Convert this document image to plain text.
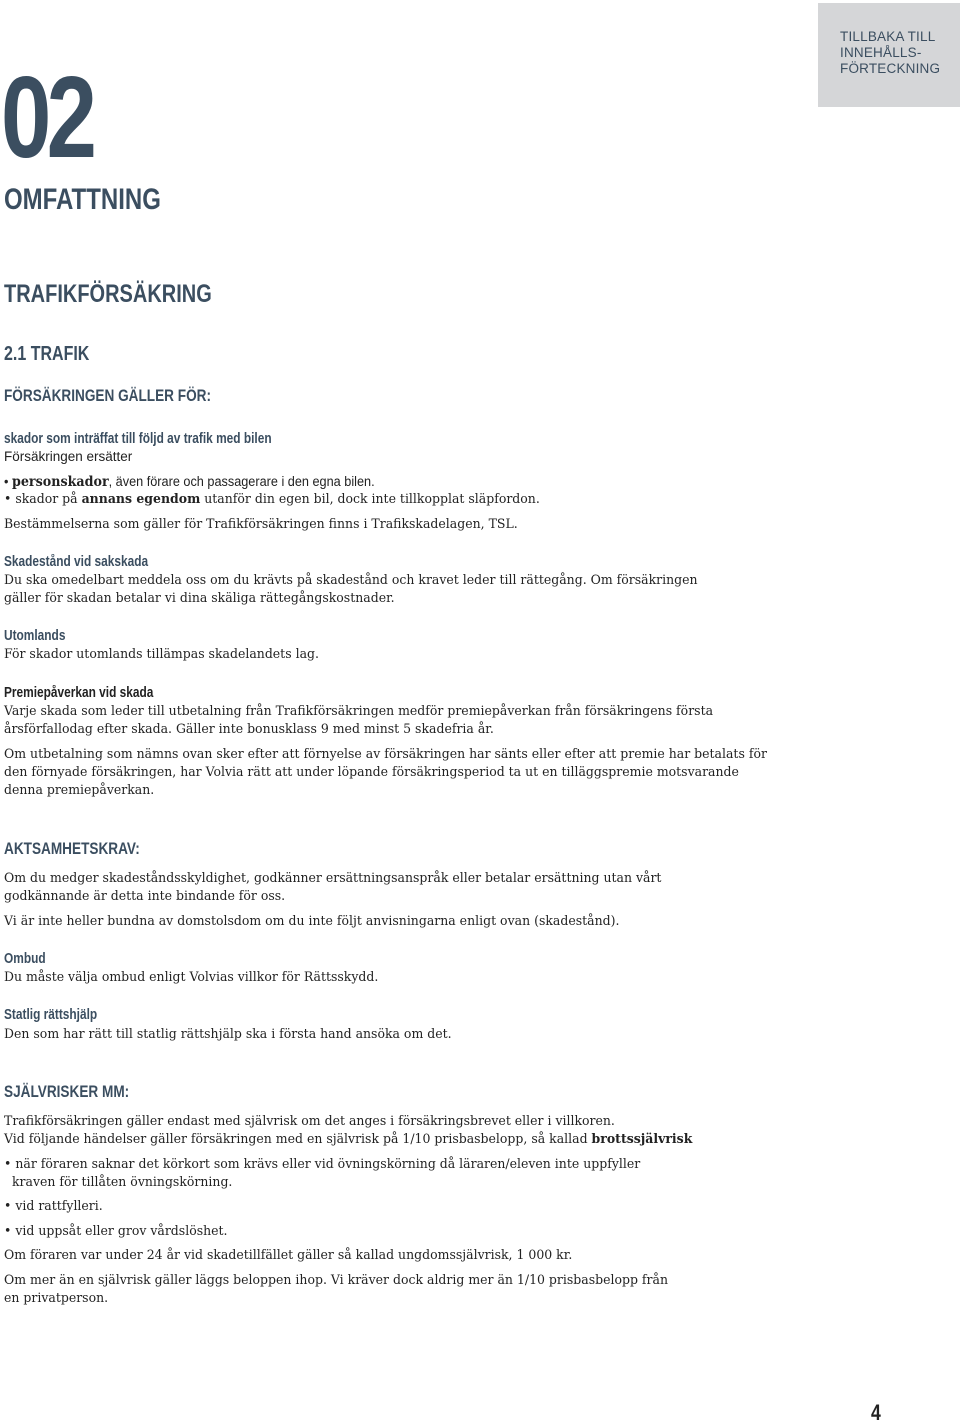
TILLBAKA TILL
INNEHÅLLS-
FÖRTECKNING
02
OMFATTNING
TRAFIKFÖRSÄKRING
2.1 TRAFIK
FÖRSÄKRINGEN GÄLLER FÖR:
skador som inträffat till följd av trafik med bilen
Försäkringen ersätter
• personskador, även förare och passagerare i den egna bilen.
• skador på annans egendom utanför din egen bil, dock inte tillkopplat släpfordon.
Bestämmelserna som gäller för Trafikförsäkringen finns i Trafikskadelagen, TSL.
Skadestånd vid sakskada
Du ska omedelbart meddela oss om du krävts på skadestånd och kravet leder till rättegång. Om försäkringen
gäller för skadan betalar vi dina skäliga rättegångskostnader.
Utomlands
För skador utomlands tillämpas skadelandets lag.
Premiepåverkan vid skada
Varje skada som leder till utbetalning från Trafikförsäkringen medför premiepåverkan från försäkringens första
årsförfallodag efter skada. Gäller inte bonusklass 9 med minst 5 skadefria år.
Om utbetalning som nämns ovan sker efter att förnyelse av försäkringen har sänts eller efter att premie har betalats för
den förnyade försäkringen, har Volvia rätt att under löpande försäkringsperiod ta ut en tilläggspremie motsvarande
denna premiepåverkan.
AKTSAMHETSKRAV:
Om du medger skadeståndsskyldighet, godkänner ersättningsanspråk eller betalar ersättning utan vårt
godkännande är detta inte bindande för oss.
Vi är inte heller bundna av domstolsdom om du inte följt anvisningarna enligt ovan (skadestånd).
Ombud
Du måste välja ombud enligt Volvias villkor för Rättsskydd.
Statlig rättshjälp
Den som har rätt till statlig rättshjälp ska i första hand ansöka om det.
SJÄLVRISKER MM:
Trafikförsäkringen gäller endast med självrisk om det anges i försäkringsbrevet eller i villkoren.
Vid följande händelser gäller försäkringen med en självrisk på 1/10 prisbasbelopp, så kallad brottssjälvrisk
• när föraren saknar det körkort som krävs eller vid övningskörning då läraren/eleven inte uppfyller
kraven för tillåten övningskörning.
• vid rattfylleri.
• vid uppsåt eller grov vårdslöshet.
Om föraren var under 24 år vid skadetillfället gäller så kallad ungdomssjälvrisk, 1 000 kr.
Om mer än en självrisk gäller läggs beloppen ihop. Vi kräver dock aldrig mer än 1/10 prisbasbelopp från
en privatperson.
4
